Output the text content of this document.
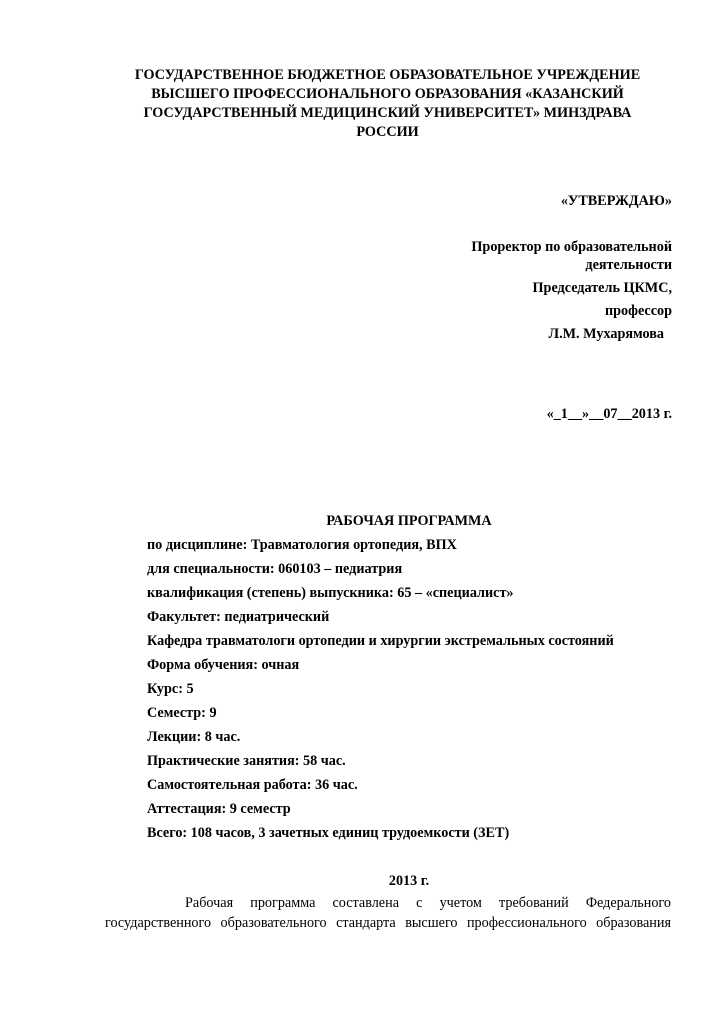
ГОСУДАРСТВЕННОЕ БЮДЖЕТНОЕ ОБРАЗОВАТЕЛЬНОЕ УЧРЕЖДЕНИЕ
ВЫСШЕГО ПРОФЕССИОНАЛЬНОГО ОБРАЗОВАНИЯ «КАЗАНСКИЙ
ГОСУДАРСТВЕННЫЙ МЕДИЦИНСКИЙ УНИВЕРСИТЕТ» МИНЗДРАВА
РОССИИ
«УТВЕРЖДАЮ»
Проректор по образовательной
деятельности
Председатель ЦКМС,
профессор
Л.М. Мухарямова
«_1__»__07__2013 г.
РАБОЧАЯ ПРОГРАММА
по дисциплине: Травматология ортопедия, ВПХ
для специальности: 060103 – педиатрия
квалификация (степень) выпускника: 65 – «специалист»
Факультет: педиатрический
Кафедра травматологи ортопедии и хирургии экстремальных состояний
Форма обучения: очная
Курс: 5
Семестр: 9
Лекции: 8 час.
Практические занятия: 58 час.
Самостоятельная работа: 36 час.
Аттестация: 9 семестр
Всего: 108 часов, 3 зачетных единиц трудоемкости (ЗЕТ)
2013 г.
Рабочая программа составлена с учетом требований Федерального государственного образовательного стандарта высшего профессионального образования
